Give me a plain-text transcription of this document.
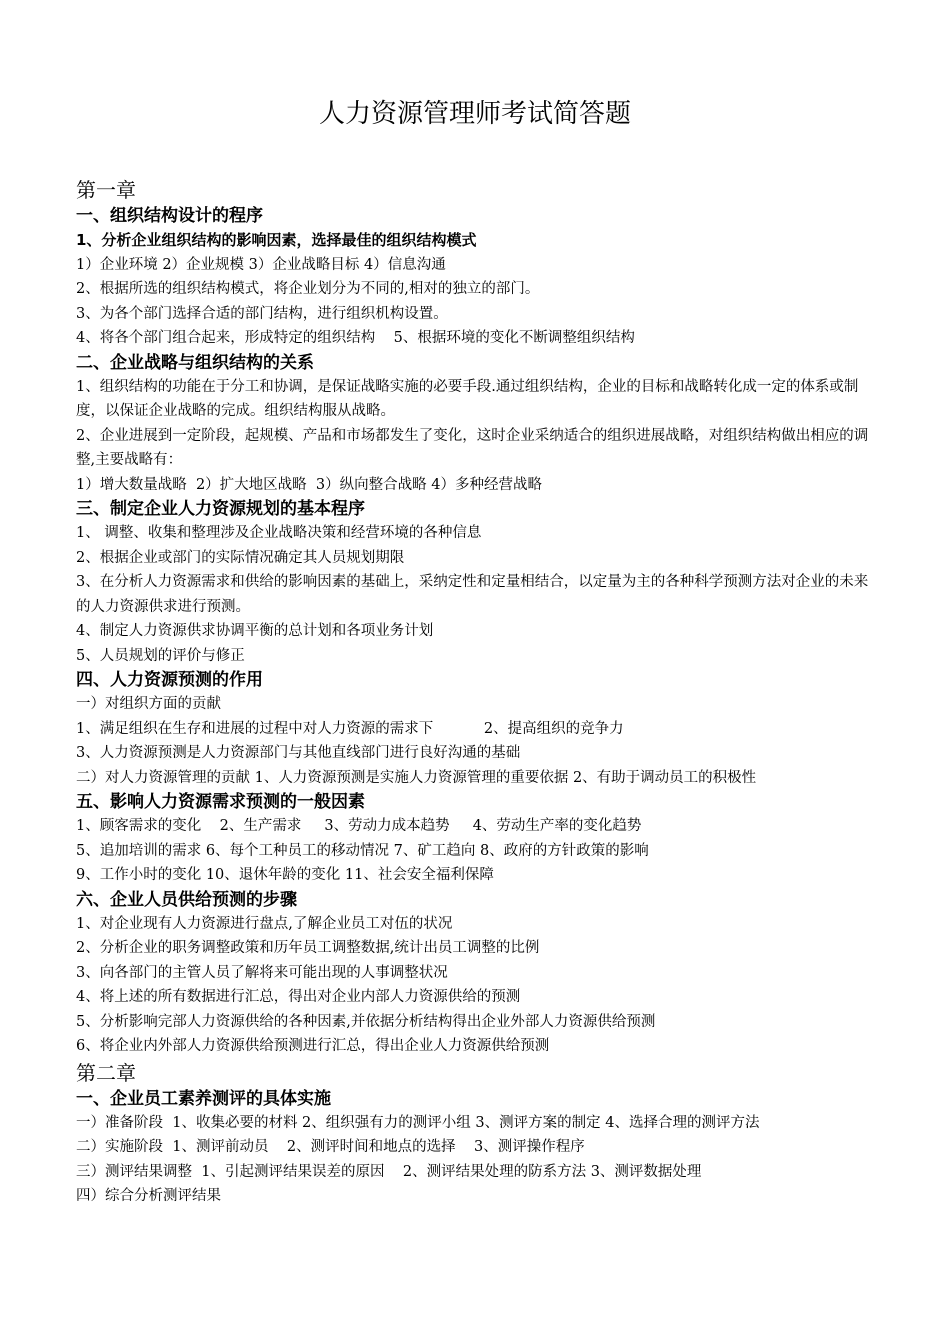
人力资源管理师考试简答题
第一章
一、组织结构设计的程序
1、分析企业组织结构的影响因素，选择最佳的组织结构模式
1）企业环境 2）企业规模 3）企业战略目标 4）信息沟通
2、根据所选的组织结构模式，将企业划分为不同的,相对的独立的部门。
3、为各个部门选择合适的部门结构，进行组织机构设置。
4、将各个部门组合起来，形成特定的组织结构    5、根据环境的变化不断调整组织结构
二、企业战略与组织结构的关系
1、组织结构的功能在于分工和协调，是保证战略实施的必要手段.通过组织结构，企业的目标和战略转化成一定的体系或制度，以保证企业战略的完成。组织结构服从战略。
2、企业进展到一定阶段，起规模、产品和市场都发生了变化，这时企业采纳适合的组织进展战略，对组织结构做出相应的调整,主要战略有：
1）增大数量战略  2）扩大地区战略  3）纵向整合战略 4）多种经营战略
三、制定企业人力资源规划的基本程序
1、 调整、收集和整理涉及企业战略决策和经营环境的各种信息
2、根据企业或部门的实际情况确定其人员规划期限
3、在分析人力资源需求和供给的影响因素的基础上，采纳定性和定量相结合，以定量为主的各种科学预测方法对企业的未来的人力资源供求进行预测。
4、制定人力资源供求协调平衡的总计划和各项业务计划
5、人员规划的评价与修正
四、人力资源预测的作用
一）对组织方面的贡献
1、满足组织在生存和进展的过程中对人力资源的需求下           2、提高组织的竞争力
3、人力资源预测是人力资源部门与其他直线部门进行良好沟通的基础
二）对人力资源管理的贡献 1、人力资源预测是实施人力资源管理的重要依据 2、有助于调动员工的积极性
五、影响人力资源需求预测的一般因素
1、顾客需求的变化    2、生产需求     3、劳动力成本趋势     4、劳动生产率的变化趋势
5、追加培训的需求 6、每个工种员工的移动情况 7、矿工趋向 8、政府的方针政策的影响
9、工作小时的变化 10、退休年龄的变化 11、社会安全福利保障
六、企业人员供给预测的步骤
1、对企业现有人力资源进行盘点,了解企业员工对伍的状况
2、分析企业的职务调整政策和历年员工调整数据,统计出员工调整的比例
3、向各部门的主管人员了解将来可能出现的人事调整状况
4、将上述的所有数据进行汇总，得出对企业内部人力资源供给的预测
5、分析影响完部人力资源供给的各种因素,并依据分析结构得出企业外部人力资源供给预测
6、将企业内外部人力资源供给预测进行汇总，得出企业人力资源供给预测
第二章
一、企业员工素养测评的具体实施
一）准备阶段  1、收集必要的材料 2、组织强有力的测评小组 3、测评方案的制定 4、选择合理的测评方法
二）实施阶段  1、测评前动员    2、测评时间和地点的选择    3、测评操作程序
三）测评结果调整  1、引起测评结果误差的原因    2、测评结果处理的防系方法 3、测评数据处理
四）综合分析测评结果
